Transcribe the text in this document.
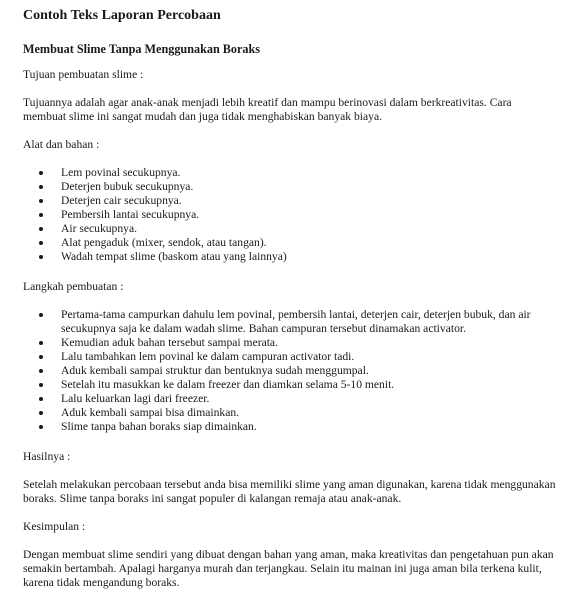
Contoh Teks Laporan Percobaan
Membuat Slime Tanpa Menggunakan Boraks
Tujuan pembuatan slime :
Tujuannya adalah agar anak-anak menjadi lebih kreatif dan mampu berinovasi dalam berkreativitas. Cara membuat slime ini sangat mudah dan juga tidak menghabiskan banyak biaya.
Alat dan bahan :
Lem povinal secukupnya.
Deterjen bubuk secukupnya.
Deterjen cair secukupnya.
Pembersih lantai secukupnya.
Air secukupnya.
Alat pengaduk (mixer, sendok, atau tangan).
Wadah tempat slime (baskom atau yang lainnya)
Langkah pembuatan :
Pertama-tama campurkan dahulu lem povinal, pembersih lantai, deterjen cair, deterjen bubuk, dan air secukupnya saja ke dalam wadah slime. Bahan campuran tersebut dinamakan activator.
Kemudian aduk bahan tersebut sampai merata.
Lalu tambahkan lem povinal ke dalam campuran activator tadi.
Aduk kembali sampai struktur dan bentuknya sudah menggumpal.
Setelah itu masukkan ke dalam freezer dan diamkan selama 5-10 menit.
Lalu keluarkan lagi dari freezer.
Aduk kembali sampai bisa dimainkan.
Slime tanpa bahan boraks siap dimainkan.
Hasilnya :
Setelah melakukan percobaan tersebut anda bisa memiliki slime yang aman digunakan, karena tidak menggunakan boraks. Slime tanpa boraks ini sangat populer di kalangan remaja atau anak-anak.
Kesimpulan :
Dengan membuat slime sendiri yang dibuat dengan bahan yang aman, maka kreativitas dan pengetahuan pun akan semakin bertambah. Apalagi harganya murah dan terjangkau. Selain itu mainan ini juga aman bila terkena kulit, karena tidak mengandung boraks.
